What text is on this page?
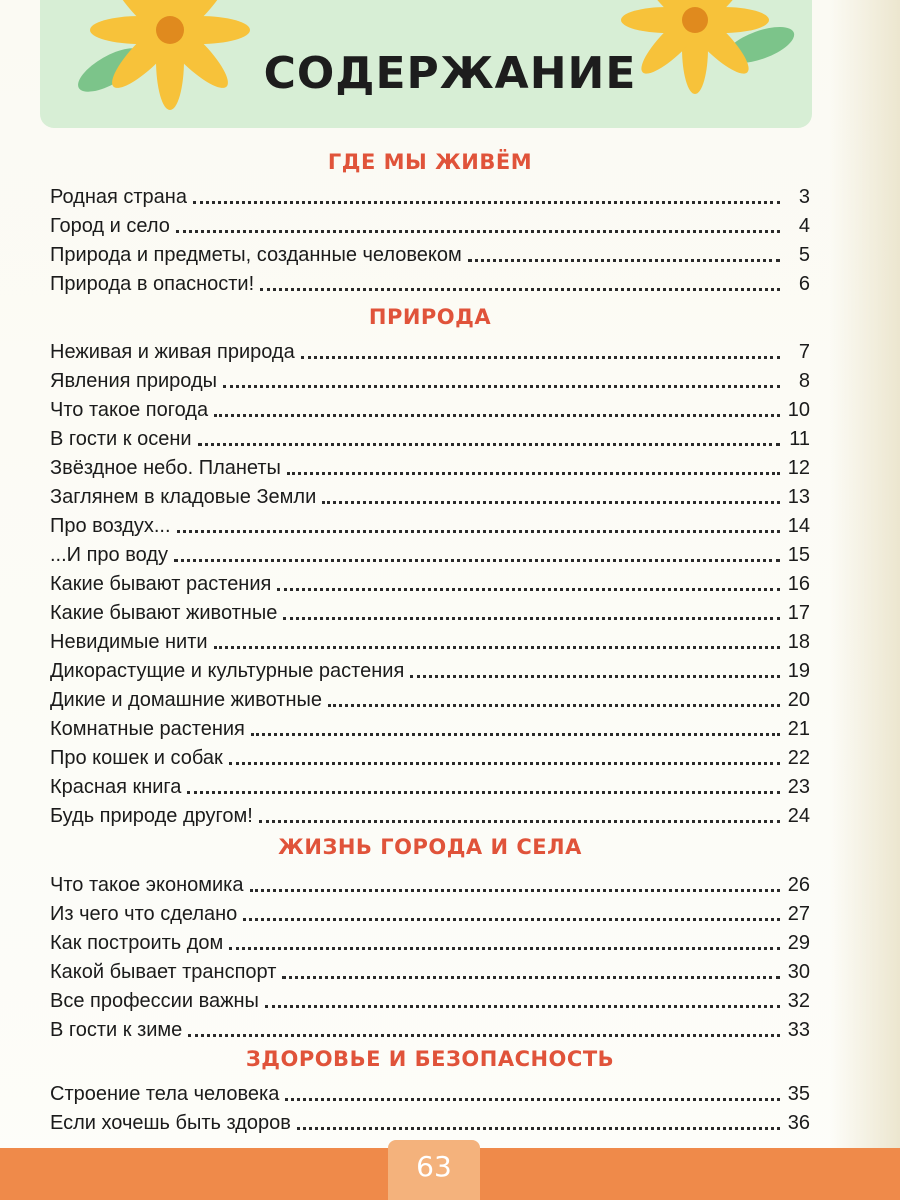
СОДЕРЖАНИЕ
ГДЕ МЫ ЖИВЁМ
Родная страна	3
Город и село	4
Природа и предметы, созданные человеком	5
Природа в опасности!	6
ПРИРОДА
Неживая и живая природа	7
Явления природы	8
Что такое погода	10
В гости к осени	11
Звёздное небо. Планеты	12
Заглянем в кладовые Земли	13
Про воздух...	14
...И про воду	15
Какие бывают растения	16
Какие бывают животные	17
Невидимые нити	18
Дикорастущие и культурные растения	19
Дикие и домашние животные	20
Комнатные растения	21
Про кошек и собак	22
Красная книга	23
Будь природе другом!	24
ЖИЗНЬ ГОРОДА И СЕЛА
Что такое экономика	26
Из чего что сделано	27
Как построить дом	29
Какой бывает транспорт	30
Все профессии важны	32
В гости к зиме	33
ЗДОРОВЬЕ И БЕЗОПАСНОСТЬ
Строение тела человека	35
Если хочешь быть здоров	36
63
